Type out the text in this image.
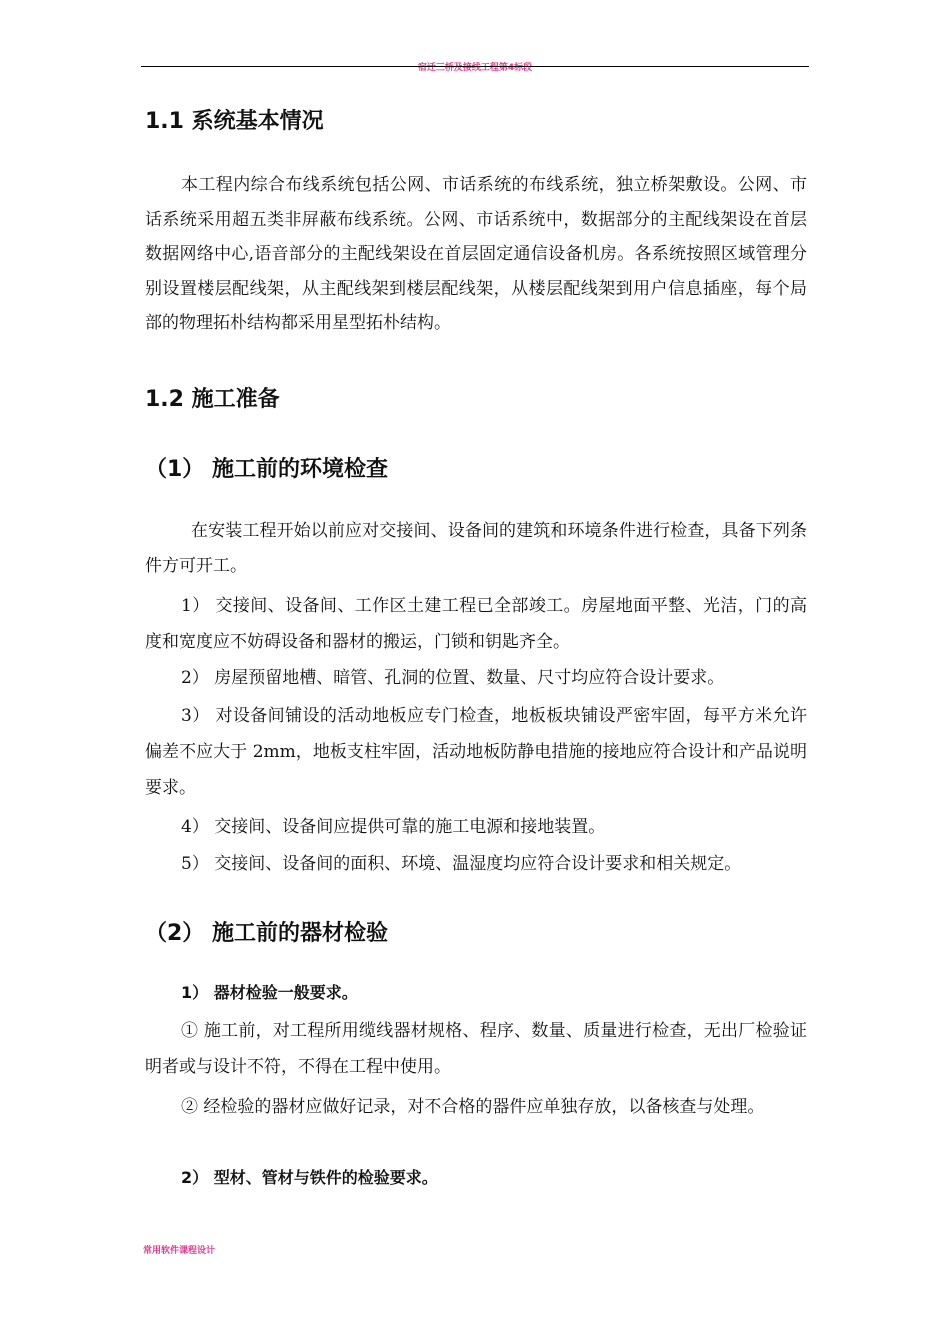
宿迁三桥及接线工程第4标段
1.1 系统基本情况
本工程内综合布线系统包括公网、市话系统的布线系统，独立桥架敷设。公网、市话系统采用超五类非屏蔽布线系统。公网、市话系统中，数据部分的主配线架设在首层数据网络中心,语音部分的主配线架设在首层固定通信设备机房。各系统按照区域管理分别设置楼层配线架，从主配线架到楼层配线架，从楼层配线架到用户信息插座，每个局部的物理拓朴结构都采用星型拓朴结构。
1.2 施工准备
（1） 施工前的环境检查
在安装工程开始以前应对交接间、设备间的建筑和环境条件进行检查，具备下列条件方可开工。
1） 交接间、设备间、工作区土建工程已全部竣工。房屋地面平整、光洁，门的高度和宽度应不妨碍设备和器材的搬运，门锁和钥匙齐全。
2） 房屋预留地槽、暗管、孔洞的位置、数量、尺寸均应符合设计要求。
3） 对设备间铺设的活动地板应专门检查，地板板块铺设严密牢固，每平方米允许偏差不应大于 2mm，地板支柱牢固，活动地板防静电措施的接地应符合设计和产品说明要求。
4） 交接间、设备间应提供可靠的施工电源和接地装置。
5） 交接间、设备间的面积、环境、温湿度均应符合设计要求和相关规定。
（2） 施工前的器材检验
1） 器材检验一般要求。
① 施工前，对工程所用缆线器材规格、程序、数量、质量进行检查，无出厂检验证明者或与设计不符，不得在工程中使用。
② 经检验的器材应做好记录，对不合格的器件应单独存放，以备核查与处理。
2） 型材、管材与铁件的检验要求。
常用软件课程设计
